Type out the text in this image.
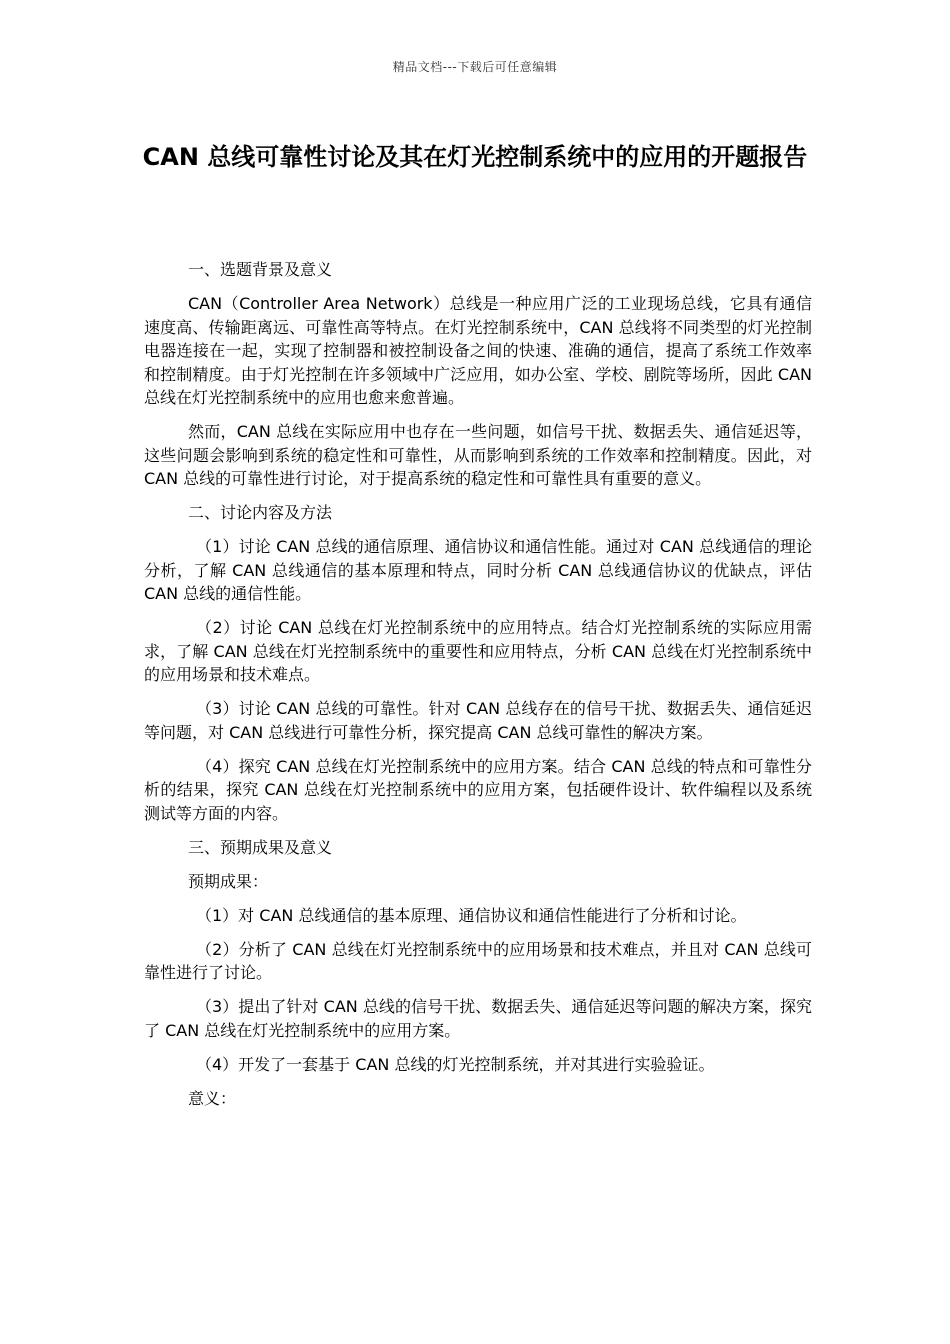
精品文档---下载后可任意编辑
CAN 总线可靠性讨论及其在灯光控制系统中的应用的开题报告

一、选题背景及意义

CAN（Controller Area Network）总线是一种应用广泛的工业现场总线，它具有通信速度高、传输距离远、可靠性高等特点。在灯光控制系统中，CAN 总线将不同类型的灯光控制电器连接在一起，实现了控制器和被控制设备之间的快速、准确的通信，提高了系统工作效率和控制精度。由于灯光控制在许多领域中广泛应用，如办公室、学校、剧院等场所，因此 CAN 总线在灯光控制系统中的应用也愈来愈普遍。

然而，CAN 总线在实际应用中也存在一些问题，如信号干扰、数据丢失、通信延迟等，这些问题会影响到系统的稳定性和可靠性，从而影响到系统的工作效率和控制精度。因此，对 CAN 总线的可靠性进行讨论，对于提高系统的稳定性和可靠性具有重要的意义。

二、讨论内容及方法

（1）讨论 CAN 总线的通信原理、通信协议和通信性能。通过对 CAN 总线通信的理论分析，了解 CAN 总线通信的基本原理和特点，同时分析 CAN 总线通信协议的优缺点，评估 CAN 总线的通信性能。

（2）讨论 CAN 总线在灯光控制系统中的应用特点。结合灯光控制系统的实际应用需求，了解 CAN 总线在灯光控制系统中的重要性和应用特点，分析 CAN 总线在灯光控制系统中的应用场景和技术难点。

（3）讨论 CAN 总线的可靠性。针对 CAN 总线存在的信号干扰、数据丢失、通信延迟等问题，对 CAN 总线进行可靠性分析，探究提高 CAN 总线可靠性的解决方案。

（4）探究 CAN 总线在灯光控制系统中的应用方案。结合 CAN 总线的特点和可靠性分析的结果，探究 CAN 总线在灯光控制系统中的应用方案，包括硬件设计、软件编程以及系统测试等方面的内容。

三、预期成果及意义

预期成果：

（1）对 CAN 总线通信的基本原理、通信协议和通信性能进行了分析和讨论。

（2）分析了 CAN 总线在灯光控制系统中的应用场景和技术难点，并且对 CAN 总线可靠性进行了讨论。

（3）提出了针对 CAN 总线的信号干扰、数据丢失、通信延迟等问题的解决方案，探究了 CAN 总线在灯光控制系统中的应用方案。

（4）开发了一套基于 CAN 总线的灯光控制系统，并对其进行实验验证。

意义：
